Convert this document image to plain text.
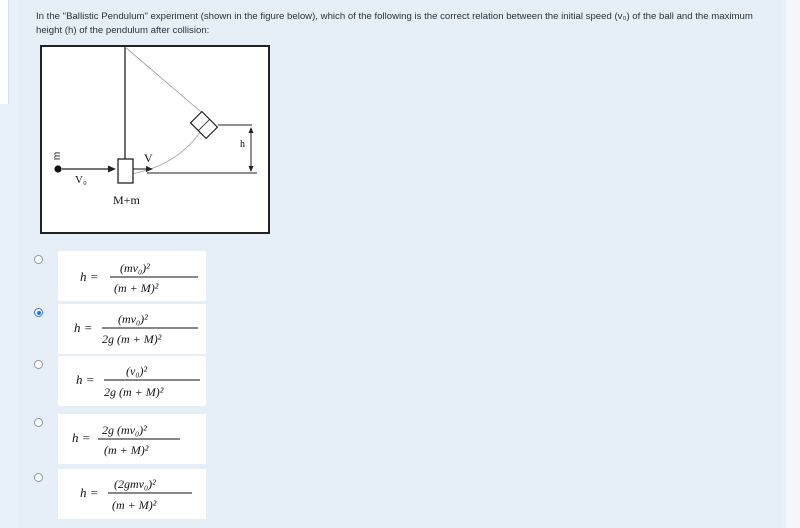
In the "Ballistic Pendulum" experiment (shown in the figure below), which of the following is the correct relation between the initial speed (v₀) of the ball and the maximum height (h) of the pendulum after collision:
m
V₀
V
h
M+m
h =
(mv₀)²
(m + M)²
h =
(mv₀)²
2g (m + M)²
h =
(v₀)²
2g (m + M)²
h = 2g (mv₀)²
(m + M)²
h =
(2gmv₀)²
(m + M)²
